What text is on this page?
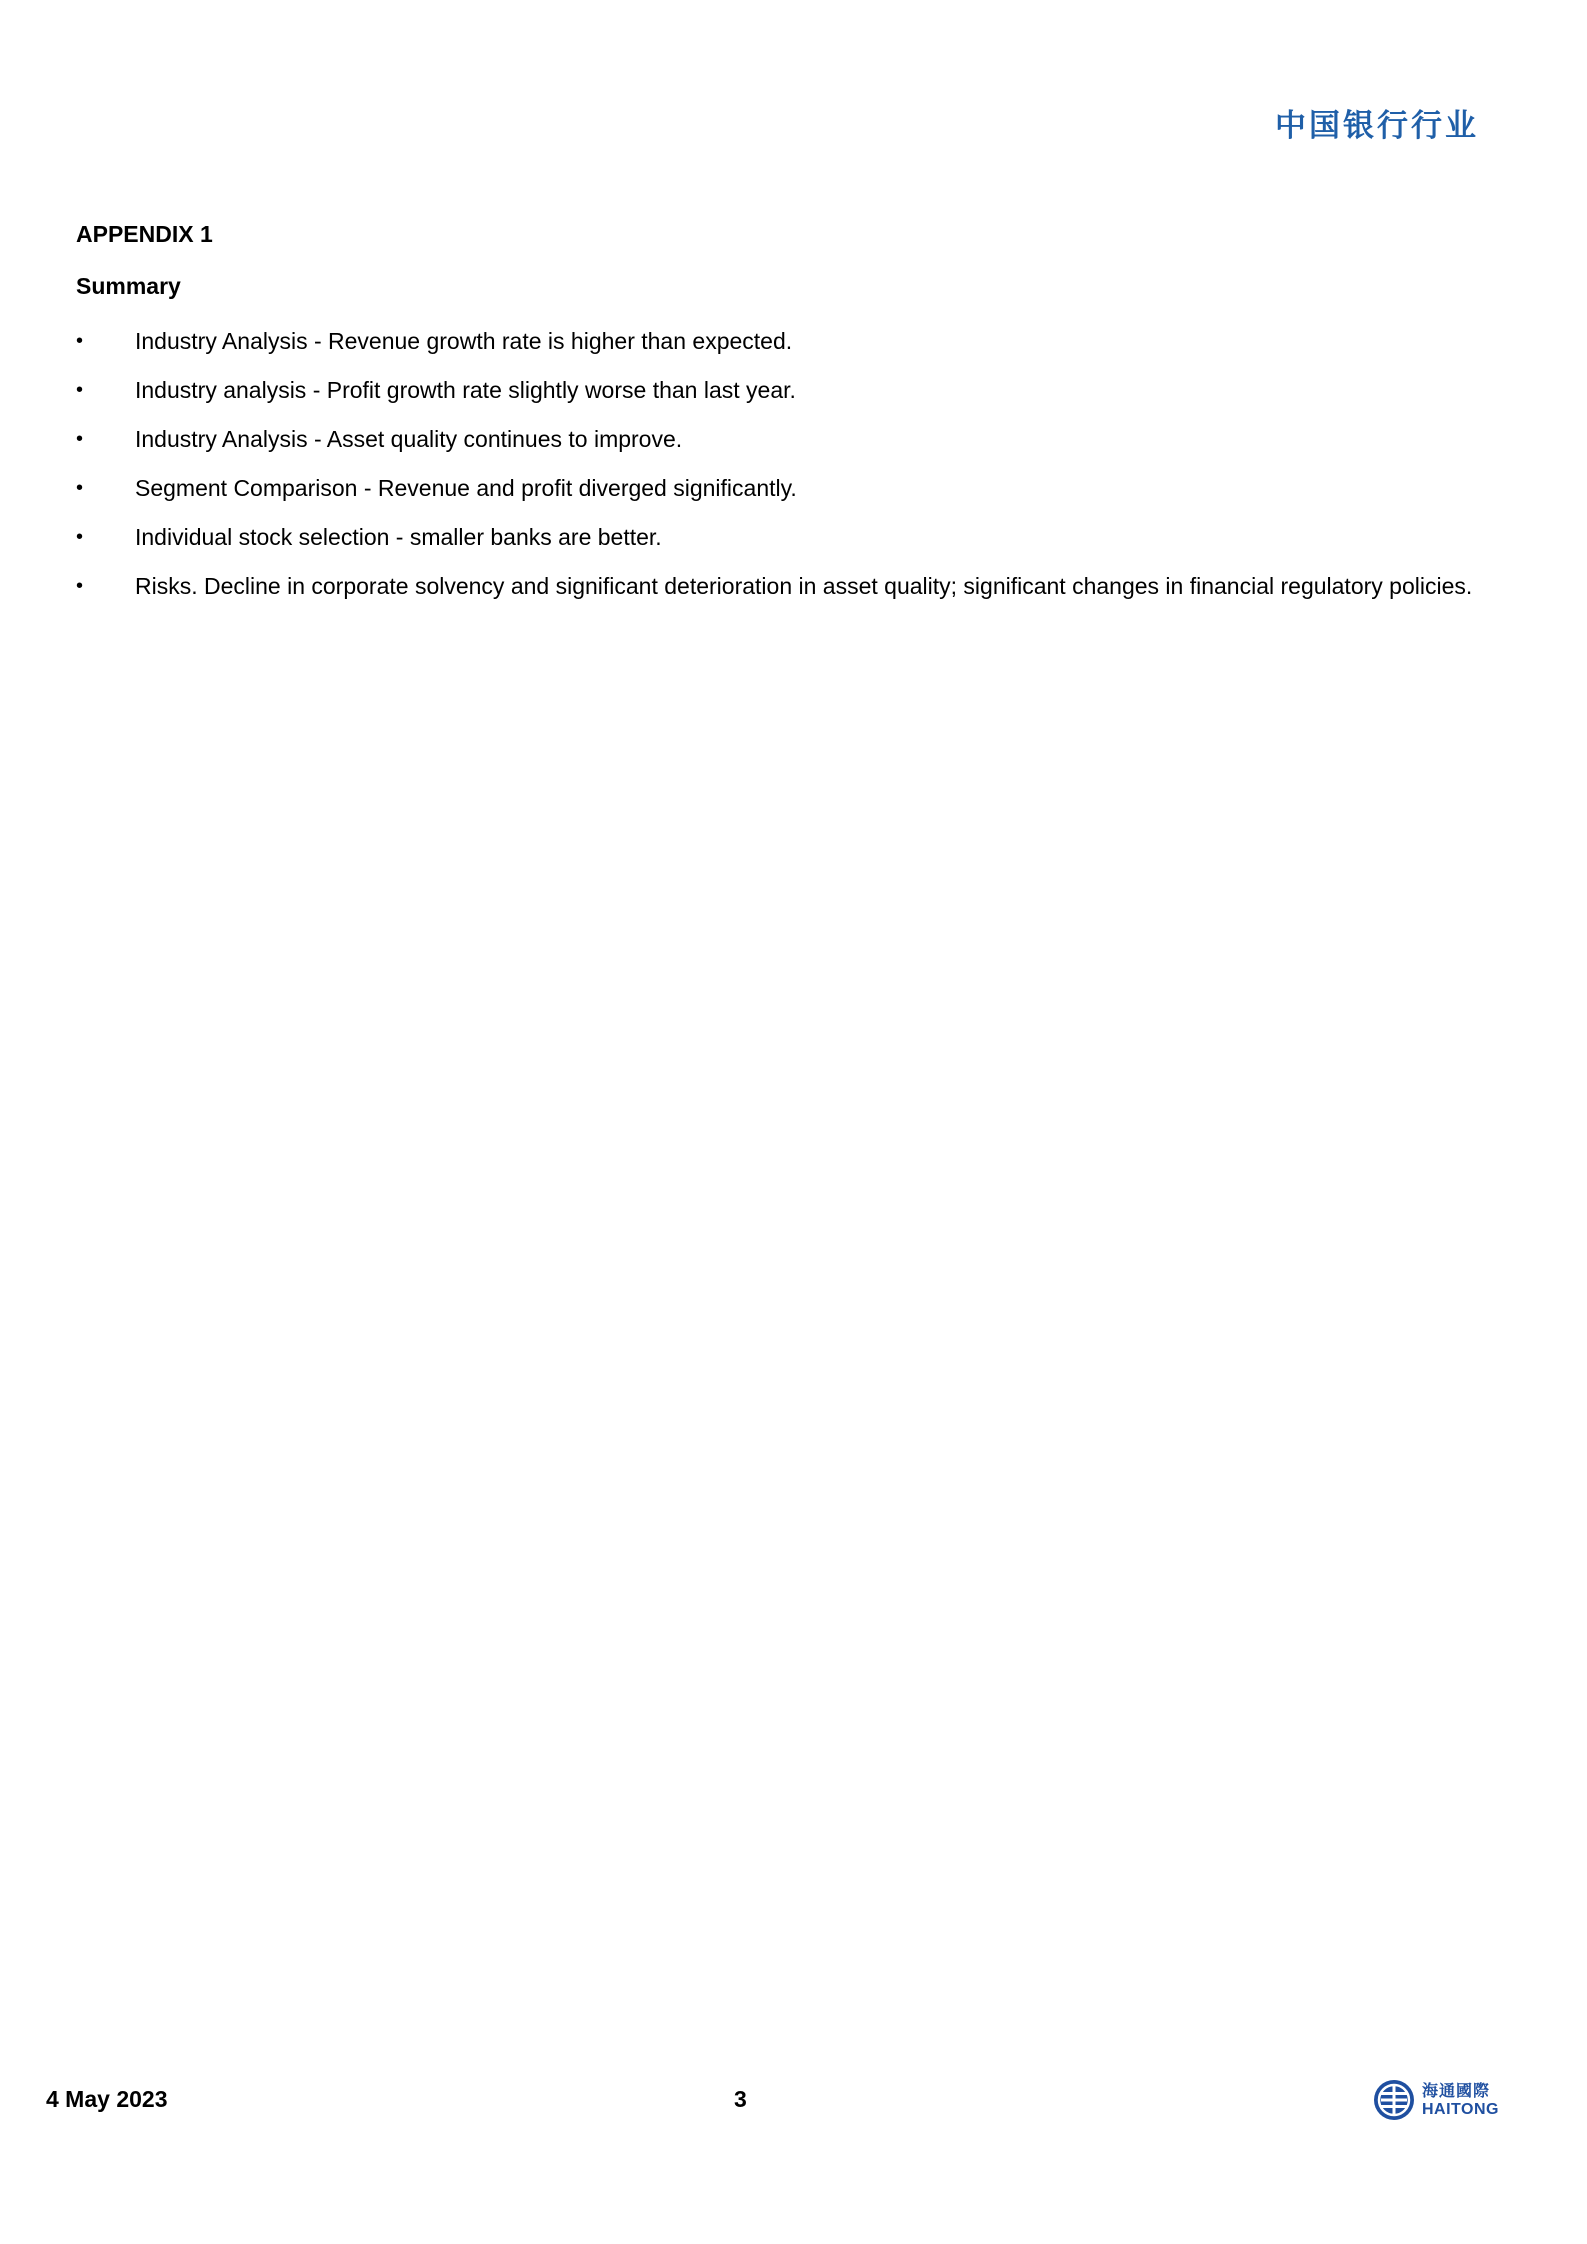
中国银行行业
APPENDIX 1
Summary
•	Industry Analysis - Revenue growth rate is higher than expected.
•	Industry analysis - Profit growth rate slightly worse than last year.
•	Industry Analysis - Asset quality continues to improve.
•	Segment Comparison - Revenue and profit diverged significantly.
•	Individual stock selection - smaller banks are better.
•	Risks. Decline in corporate solvency and significant deterioration in asset quality; significant changes in financial regulatory policies.
4 May 2023	3	海通國際
HAITONG
